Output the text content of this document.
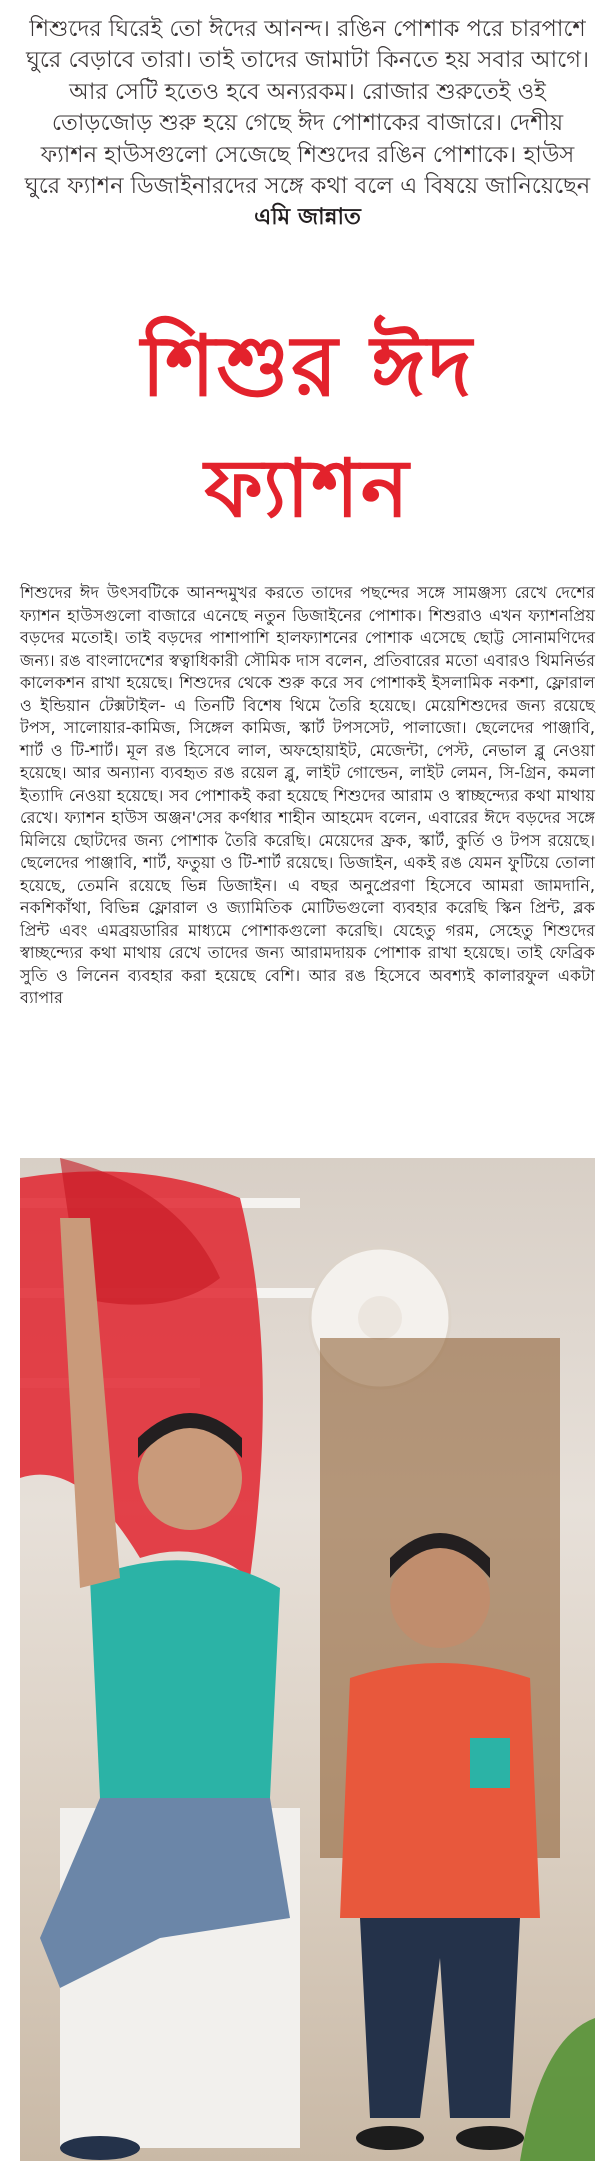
শিশুদের ঘিরেই তো ঈদের আনন্দ। রঙিন পোশাক পরে চারপাশে ঘুরে বেড়াবে তারা। তাই তাদের জামাটা কিনতে হয় সবার আগে। আর সেটি হতেও হবে অন্যরকম। রোজার শুরুতেই ওই তোড়জোড় শুরু হয়ে গেছে ঈদ পোশাকের বাজারে। দেশীয় ফ্যাশন হাউসগুলো সেজেছে শিশুদের রঙিন পোশাকে। হাউস ঘুরে ফ্যাশন ডিজাইনারদের সঙ্গে কথা বলে এ বিষয়ে জানিয়েছেন এমি জান্নাত
শিশুর ঈদ
ফ্যাশন

শিশুদের ঈদ উৎসবটিকে আনন্দমুখর করতে তাদের পছন্দের সঙ্গে সামঞ্জস্য রেখে দেশের ফ্যাশন হাউসগুলো বাজারে এনেছে নতুন ডিজাইনের পোশাক। শিশুরাও এখন ফ্যাশনপ্রিয় বড়দের মতোই। তাই বড়দের পাশাপাশি হালফ্যাশনের পোশাক এসেছে ছোট্ট সোনামণিদের জন্য। রঙ বাংলাদেশের স্বত্বাধিকারী সৌমিক দাস বলেন, প্রতিবারের মতো এবারও থিমনির্ভর কালেকশন রাখা হয়েছে। শিশুদের থেকে শুরু করে সব পোশাকই ইসলামিক নকশা, ফ্লোরাল ও ইন্ডিয়ান টেক্সটাইল- এ তিনটি বিশেষ থিমে তৈরি হয়েছে। মেয়েশিশুদের জন্য রয়েছে টপস, সালোয়ার-কামিজ, সিঙ্গেল কামিজ, স্কার্ট টপসসেট, পালাজো। ছেলেদের পাঞ্জাবি, শার্ট ও টি-শার্ট। মূল রঙ হিসেবে লাল, অফহোয়াইট, মেজেন্টা, পেস্ট, নেভাল ব্লু নেওয়া হয়েছে। আর অন্যান্য ব্যবহৃত রঙ রয়েল ব্লু, লাইট গোল্ডেন, লাইট লেমন, সি-গ্রিন, কমলা ইত্যাদি নেওয়া হয়েছে। সব পোশাকই করা হয়েছে শিশুদের আরাম ও স্বাচ্ছন্দ্যের কথা মাথায় রেখে। ফ্যাশন হাউস অঞ্জন'সের কর্ণধার শাহীন আহমেদ বলেন, এবারের ঈদে বড়দের সঙ্গে মিলিয়ে ছোটদের জন্য পোশাক তৈরি করেছি। মেয়েদের ফ্রক, স্কার্ট, কুর্তি ও টপস রয়েছে। ছেলেদের পাঞ্জাবি, শার্ট, ফতুয়া ও টি-শার্ট রয়েছে। ডিজাইন, একই রঙ যেমন ফুটিয়ে তোলা হয়েছে, তেমনি রয়েছে ভিন্ন ডিজাইন। এ বছর অনুপ্রেরণা হিসেবে আমরা জামদানি, নকশিকাঁথা, বিভিন্ন ফ্লোরাল ও জ্যামিতিক মোটিভগুলো ব্যবহার করেছি স্কিন প্রিন্ট, ব্লক প্রিন্ট এবং এমব্রয়ডারির মাধ্যমে পোশাকগুলো করেছি। যেহেতু গরম, সেহেতু শিশুদের স্বাচ্ছন্দ্যের কথা মাথায় রেখে তাদের জন্য আরামদায়ক পোশাক রাখা হয়েছে। তাই ফেব্রিক সুতি ও লিনেন ব্যবহার করা হয়েছে বেশি। আর রঙ হিসেবে অবশ্যই কালারফুল একটা ব্যাপার
